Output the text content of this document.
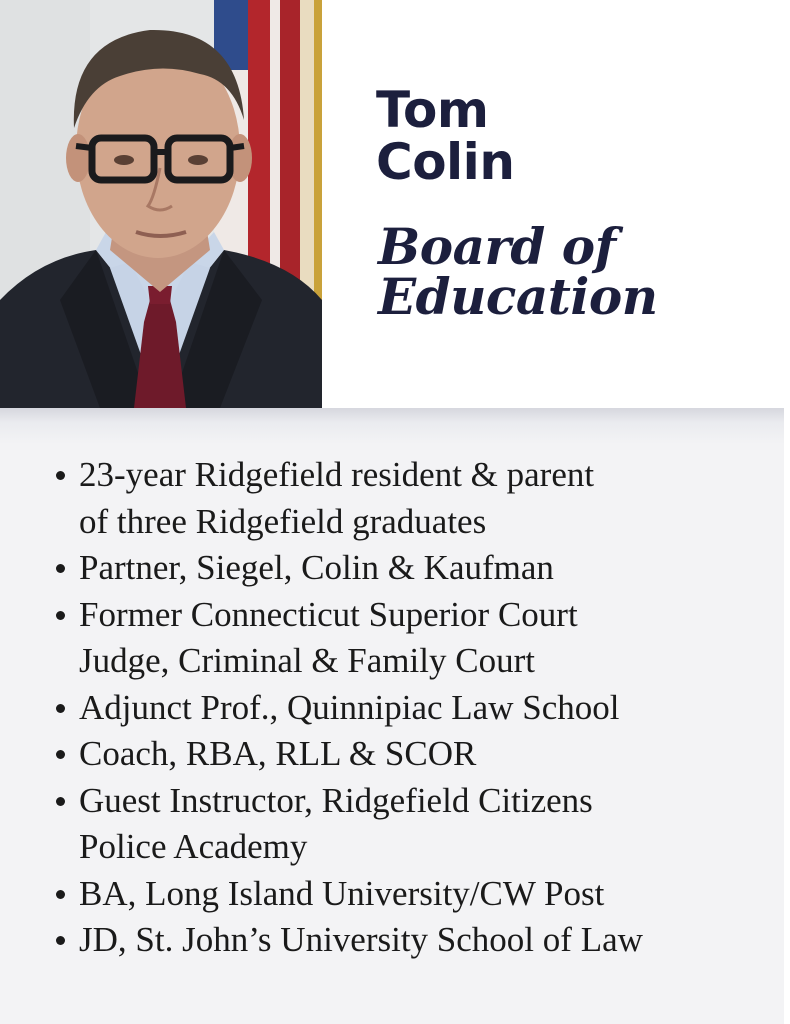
Tom
Colin
Board of
Education
23-year Ridgefield resident & parent
of three Ridgefield graduates
Partner, Siegel, Colin & Kaufman
Former Connecticut Superior Court
Judge, Criminal & Family Court
Adjunct Prof., Quinnipiac Law School
Coach, RBA, RLL & SCOR
Guest Instructor, Ridgefield Citizens
Police Academy
BA, Long Island University/CW Post
JD, St. John’s University School of Law
